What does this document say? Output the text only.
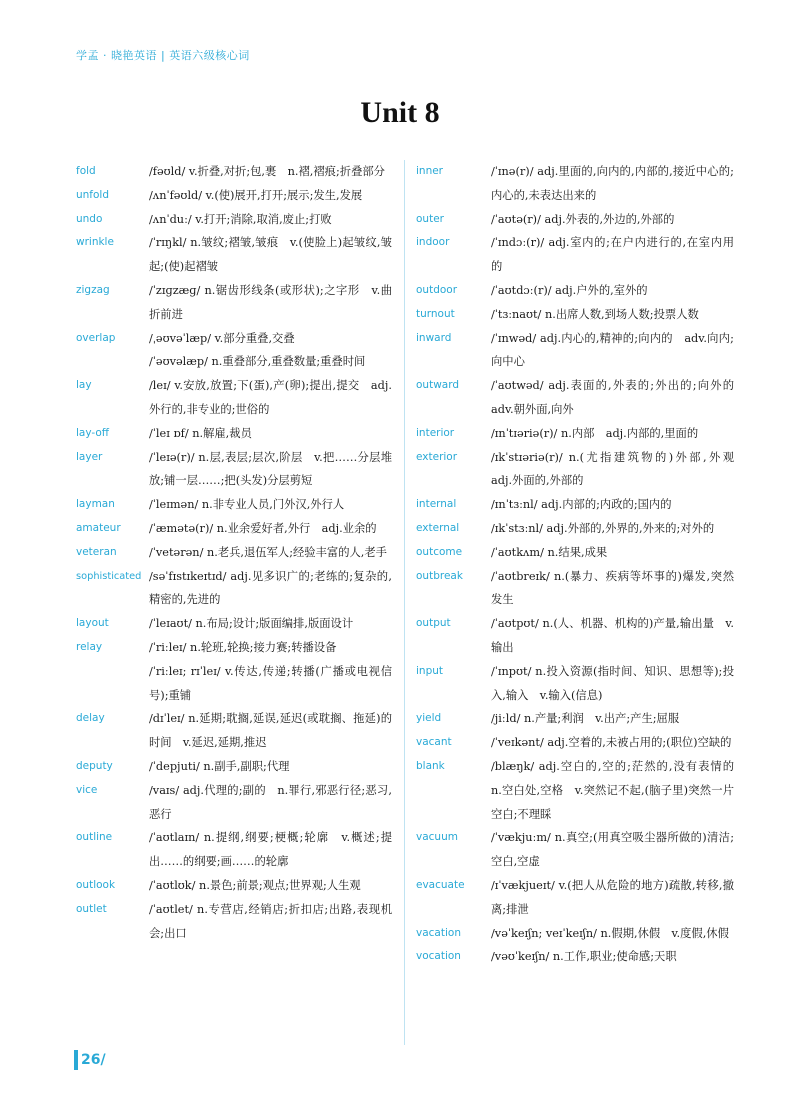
学孟 · 晓艳英语 | 英语六级核心词
Unit 8
fold	/fəʊld/ v.折叠,对折;包,裹　n.褶,褶痕;折叠部分
unfold	/ʌnˈfəʊld/ v.(使)展开,打开;展示;发生,发展
undo	/ʌnˈduː/ v.打开;消除,取消,废止;打败
wrinkle	/ˈrɪŋkl/ n.皱纹;褶皱,皱痕　v.(使脸上)起皱纹,皱起;(使)起褶皱
zigzag	/ˈzɪɡzæɡ/ n.锯齿形线条(或形状);之字形　v.曲折前进
overlap	/ˌəʊvəˈlæp/ v.部分重叠,交叠
/ˈəʊvəlæp/ n.重叠部分,重叠数量;重叠时间
lay	/leɪ/ v.安放,放置;下(蛋),产(卵);提出,提交　adj.外行的,非专业的;世俗的
lay-off	/ˈleɪ ɒf/ n.解雇,裁员
layer	/ˈleɪə(r)/ n.层,表层;层次,阶层　v.把……分层堆放;铺一层……;把(头发)分层剪短
layman	/ˈleɪmən/ n.非专业人员,门外汉,外行人
amateur	/ˈæmətə(r)/ n.业余爱好者,外行　adj.业余的
veteran	/ˈvetərən/ n.老兵,退伍军人;经验丰富的人,老手
sophisticated /səˈfɪstɪkeɪtɪd/ adj.见多识广的;老练的;复杂的,精密的,先进的
layout	/ˈleɪaʊt/ n.布局;设计;版面编排,版面设计
relay	/ˈriːleɪ/ n.轮班,轮换;接力赛;转播设备
/ˈriːleɪ; rɪˈleɪ/ v.传达,传递;转播(广播或电视信号);重铺
delay	/dɪˈleɪ/ n.延期;耽搁,延误,延迟(或耽搁、拖延)的时间　v.延迟,延期,推迟
deputy	/ˈdepjuti/ n.副手,副职;代理
vice	/vaɪs/ adj.代理的;副的　n.罪行,邪恶行径;恶习,恶行
outline	/ˈaʊtlaɪn/ n.提纲,纲要;梗概;轮廓　v.概述;提出……的纲要;画……的轮廓
outlook	/ˈaʊtlʊk/ n.景色;前景;观点;世界观;人生观
outlet	/ˈaʊtlet/ n.专营店,经销店;折扣店;出路,表现机会;出口
inner	/ˈɪnə(r)/ adj.里面的,向内的,内部的,接近中心的;内心的,未表达出来的
outer	/ˈaʊtə(r)/ adj.外表的,外边的,外部的
indoor	/ˈɪndɔː(r)/ adj.室内的;在户内进行的,在室内用的
outdoor	/ˈaʊtdɔː(r)/ adj.户外的,室外的
turnout	/ˈtɜːnaʊt/ n.出席人数,到场人数;投票人数
inward	/ˈɪnwəd/ adj.内心的,精神的;向内的　adv.向内;向中心
outward	/ˈaʊtwəd/ adj.表面的,外表的;外出的;向外的　adv.朝外面,向外
interior	/ɪnˈtɪəriə(r)/ n.内部　adj.内部的,里面的
exterior	/ɪkˈstɪəriə(r)/ n.(尤指建筑物的)外部,外观　adj.外面的,外部的
internal	/ɪnˈtɜːnl/ adj.内部的;内政的;国内的
external	/ɪkˈstɜːnl/ adj.外部的,外界的,外来的;对外的
outcome	/ˈaʊtkʌm/ n.结果,成果
outbreak	/ˈaʊtbreɪk/ n.(暴力、疾病等坏事的)爆发,突然发生
output	/ˈaʊtpʊt/ n.(人、机器、机构的)产量,输出量　v.输出
input	/ˈɪnpʊt/ n.投入资源(指时间、知识、思想等);投入,输入　v.输入(信息)
yield	/jiːld/ n.产量;利润　v.出产;产生;屈服
vacant	/ˈveɪkənt/ adj.空着的,未被占用的;(职位)空缺的
blank	/blæŋk/ adj.空白的,空的;茫然的,没有表情的　n.空白处,空格　v.突然记不起,(脑子里)突然一片空白;不理睬
vacuum	/ˈvækjuːm/ n.真空;(用真空吸尘器所做的)清洁;空白,空虚
evacuate	/ɪˈvækjueɪt/ v.(把人从危险的地方)疏散,转移,撤离;排泄
vacation	/vəˈkeɪʃn; veɪˈkeɪʃn/ n.假期,休假　v.度假,休假
vocation	/vəʊˈkeɪʃn/ n.工作,职业;使命感;天职
26/
